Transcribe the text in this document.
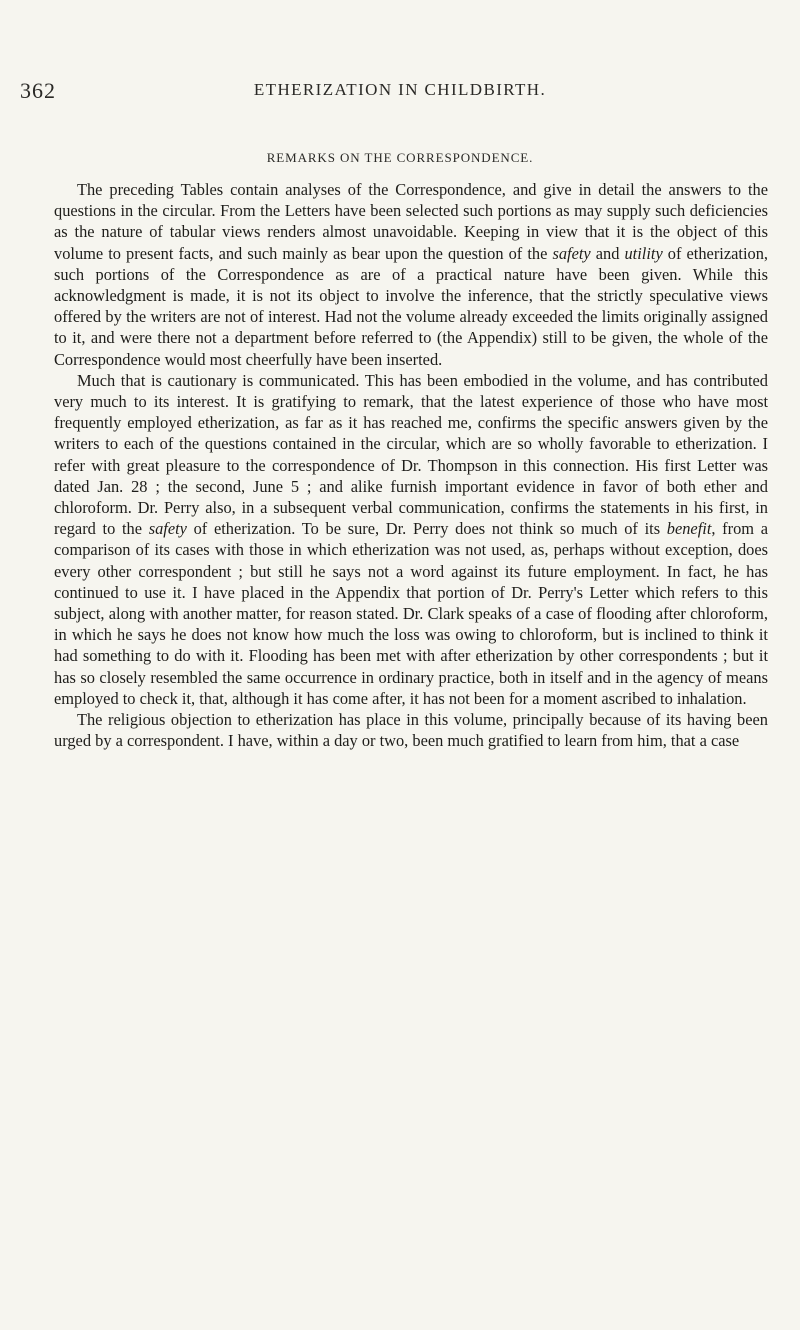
362	ETHERIZATION IN CHILDBIRTH.
REMARKS ON THE CORRESPONDENCE.

The preceding Tables contain analyses of the Correspondence, and give in detail the answers to the questions in the circular. From the Letters have been selected such portions as may supply such deficiencies as the nature of tabular views renders almost unavoidable. Keeping in view that it is the object of this volume to present facts, and such mainly as bear upon the question of the safety and utility of etherization, such portions of the Correspondence as are of a practical nature have been given. While this acknowledgment is made, it is not its object to involve the inference, that the strictly speculative views offered by the writers are not of interest. Had not the volume already exceeded the limits originally assigned to it, and were there not a department before referred to (the Appendix) still to be given, the whole of the Correspondence would most cheerfully have been inserted.

Much that is cautionary is communicated. This has been embodied in the volume, and has contributed very much to its interest. It is gratifying to remark, that the latest experience of those who have most frequently employed etherization, as far as it has reached me, confirms the specific answers given by the writers to each of the questions contained in the circular, which are so wholly favorable to etherization. I refer with great pleasure to the correspondence of Dr. Thompson in this connection. His first Letter was dated Jan. 28 ; the second, June 5 ; and alike furnish important evidence in favor of both ether and chloroform. Dr. Perry also, in a subsequent verbal communication, confirms the statements in his first, in regard to the safety of etherization. To be sure, Dr. Perry does not think so much of its benefit, from a comparison of its cases with those in which etherization was not used, as, perhaps without exception, does every other correspondent ; but still he says not a word against its future employment. In fact, he has continued to use it. I have placed in the Appendix that portion of Dr. Perry's Letter which refers to this subject, along with another matter, for reason stated. Dr. Clark speaks of a case of flooding after chloroform, in which he says he does not know how much the loss was owing to chloroform, but is inclined to think it had something to do with it. Flooding has been met with after etherization by other correspondents ; but it has so closely resembled the same occurrence in ordinary practice, both in itself and in the agency of means employed to check it, that, although it has come after, it has not been for a moment ascribed to inhalation.

The religious objection to etherization has place in this volume, principally because of its having been urged by a correspondent. I have, within a day or two, been much gratified to learn from him, that a case
